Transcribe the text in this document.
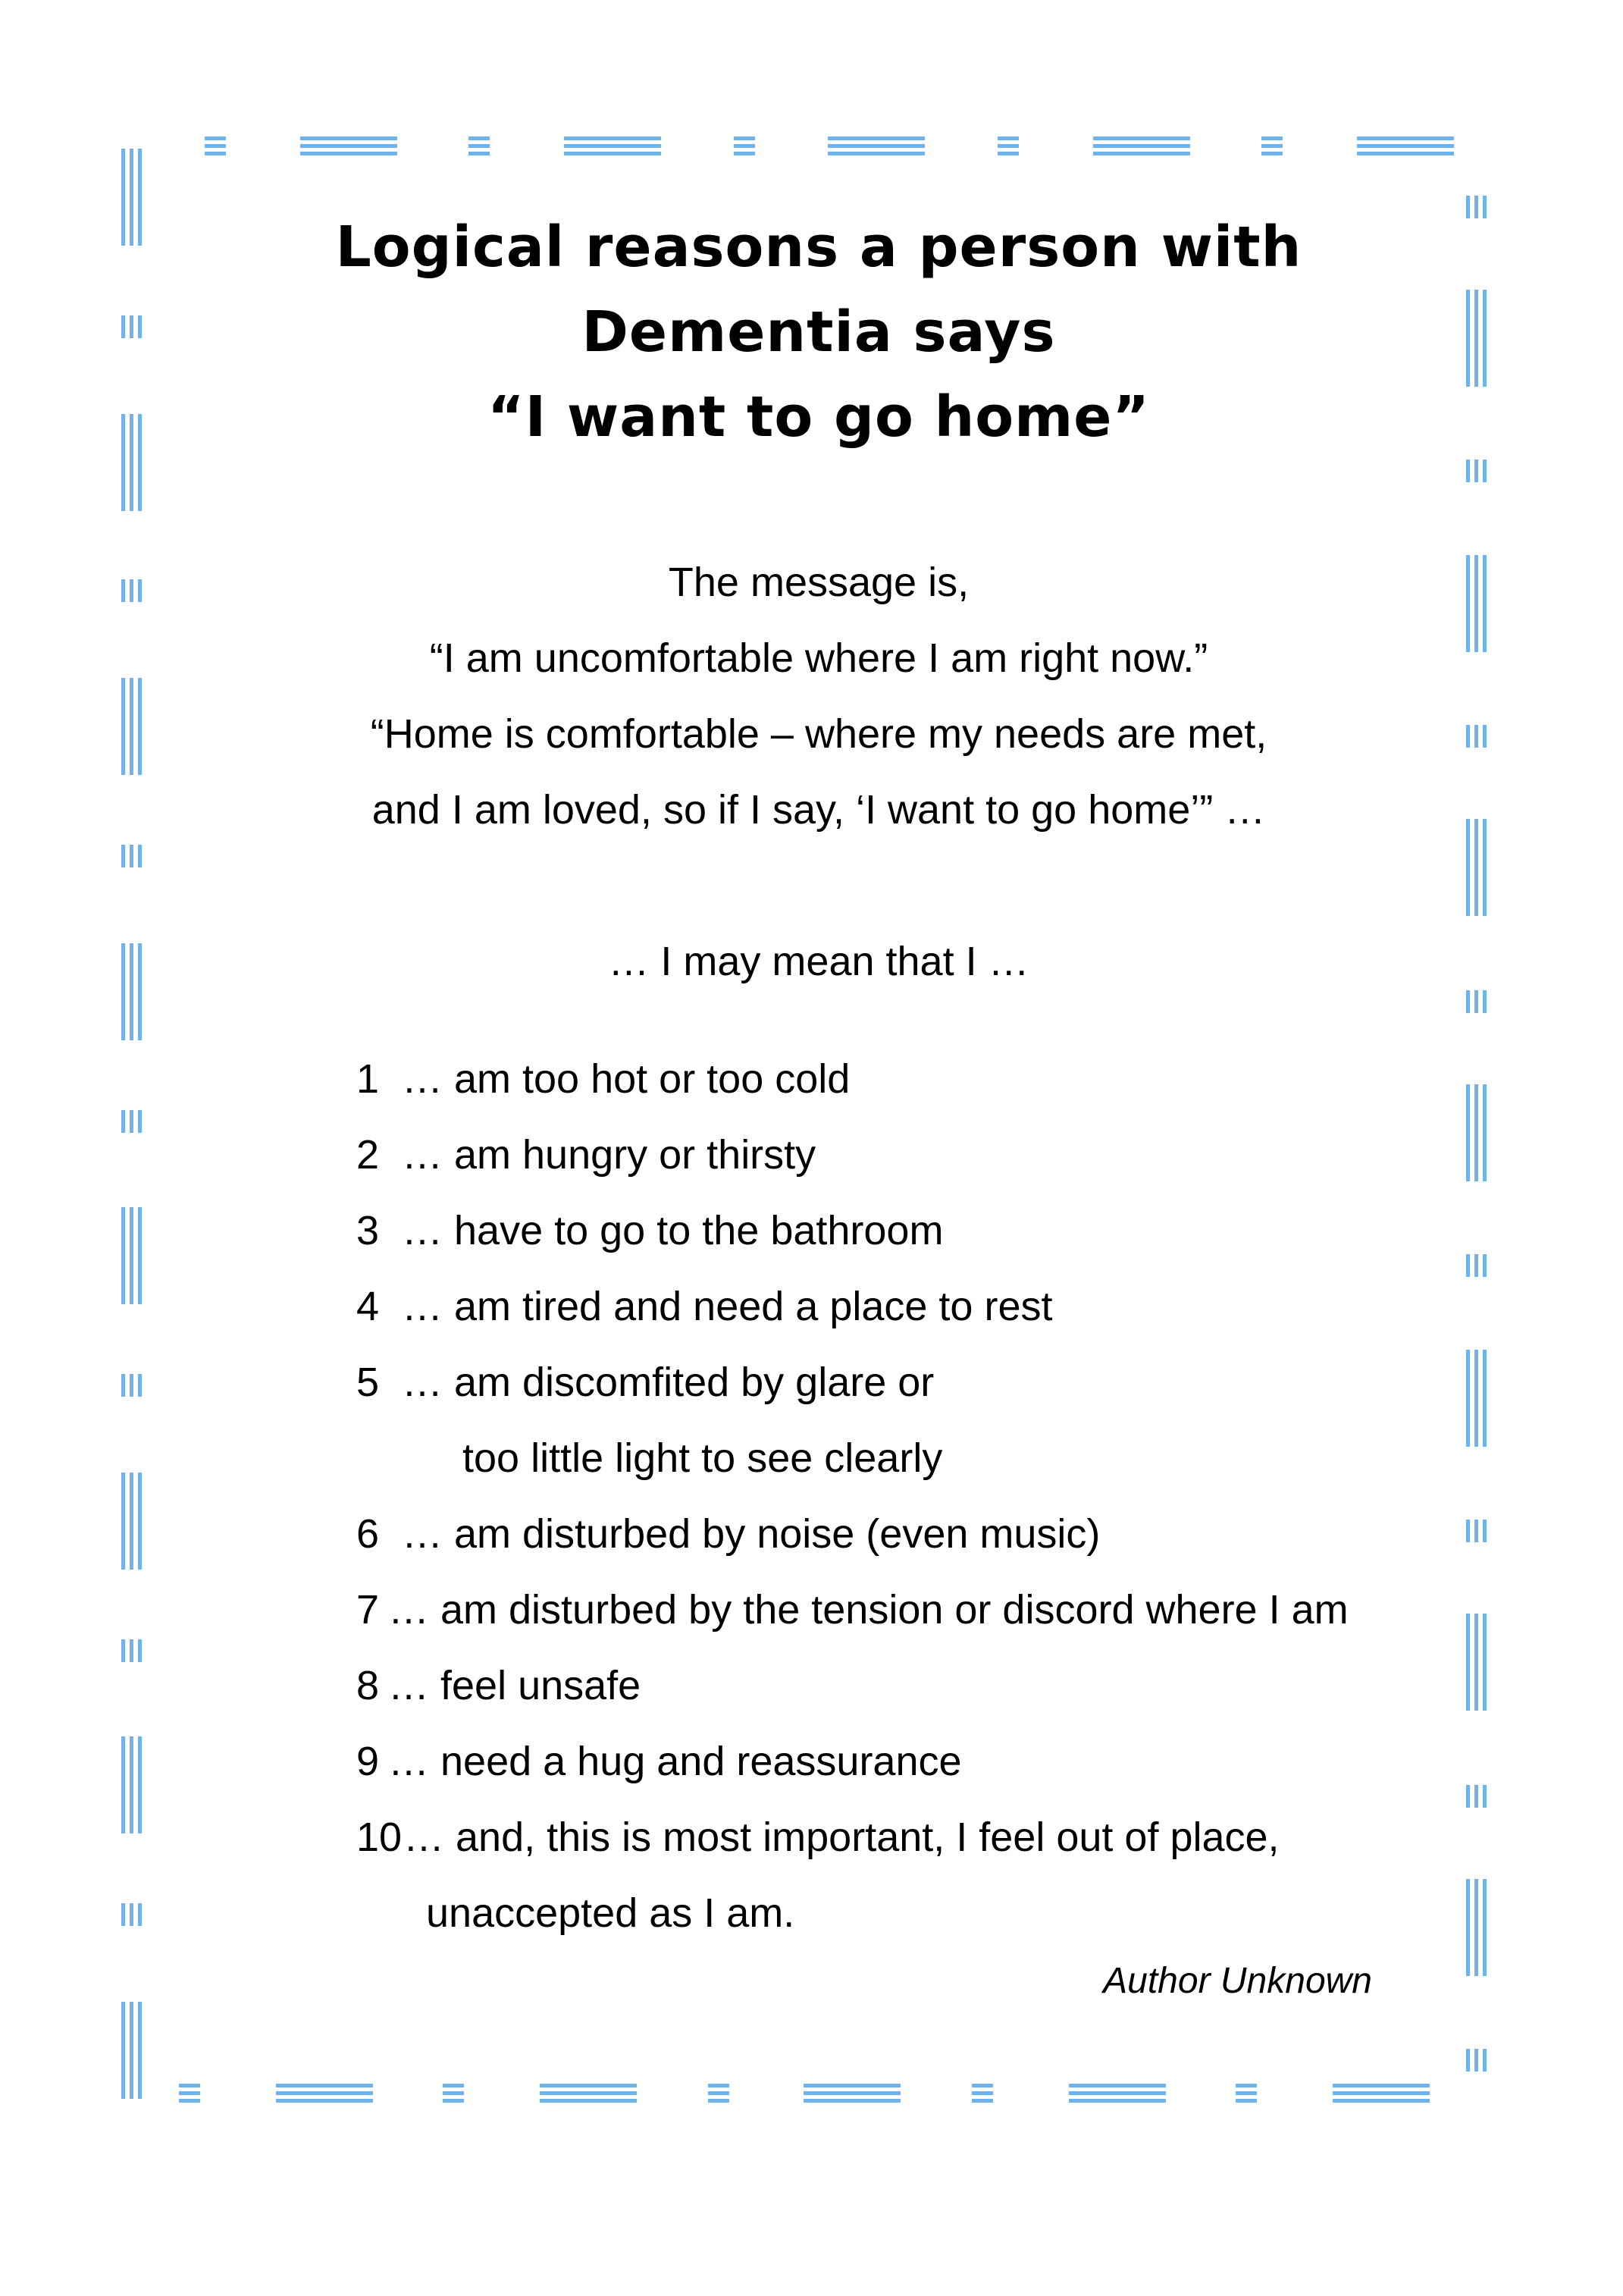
Logical reasons a person with
Dementia says
“I want to go home”
The message is,
“I am uncomfortable where I am right now.”
“Home is comfortable – where my needs are met,
and I am loved, so if I say, ‘I want to go home’” …
… I may mean that I …
1 … am too hot or too cold
2 … am hungry or thirsty
3 … have to go to the bathroom
4 … am tired and need a place to rest
5 … am discomfited by glare or
too little light to see clearly
6 … am disturbed by noise (even music)
7 … am disturbed by the tension or discord where I am
8 … feel unsafe
9 … need a hug and reassurance
10 … and, this is most important, I feel out of place,
unaccepted as I am.
Author Unknown
